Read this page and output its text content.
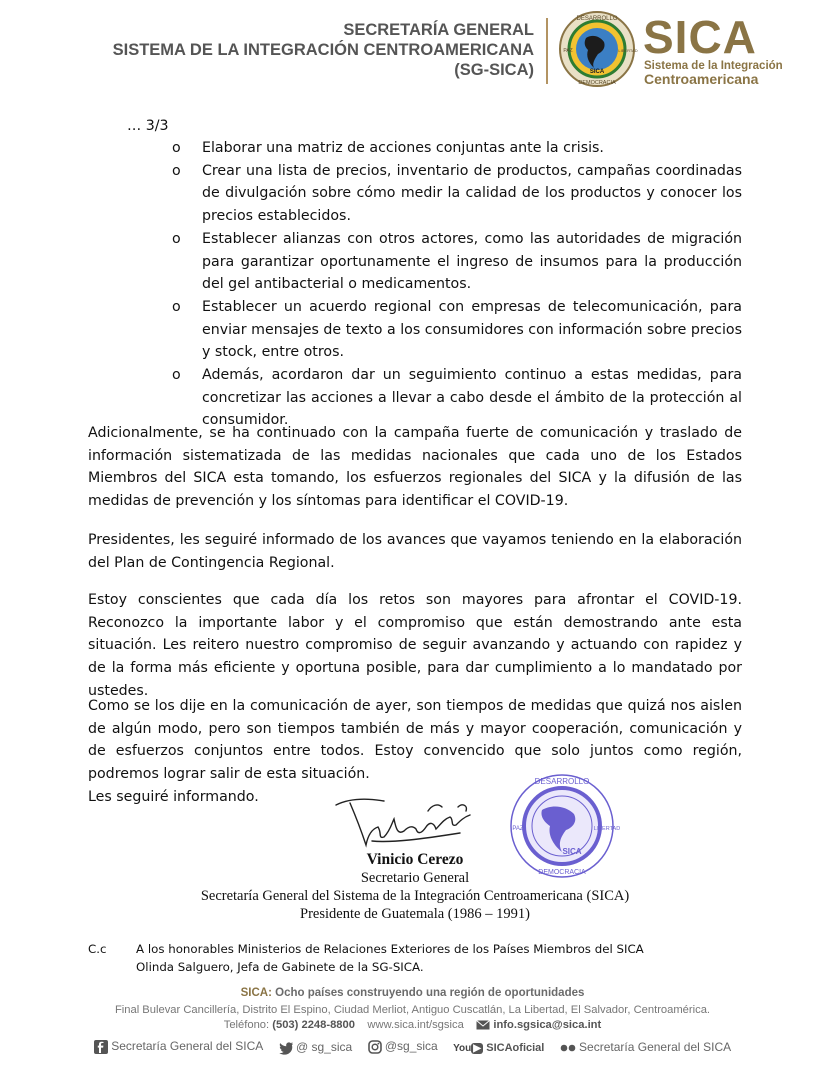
SECRETARÍA GENERAL
SISTEMA DE LA INTEGRACIÓN CENTROAMERICANA
(SG-SICA)
DESARROLLO
DEMOCRACIA
PAZ	LIBERTAD
SICA
SICA
Sistema de la Integración
Centroamericana
… 3/3
o Elaborar una matriz de acciones conjuntas ante la crisis.
o Crear una lista de precios, inventario de productos, campañas coordinadas de divulgación sobre cómo medir la calidad de los productos y conocer los precios establecidos.
o Establecer alianzas con otros actores, como las autoridades de migración para garantizar oportunamente el ingreso de insumos para la producción del gel antibacterial o medicamentos.
o Establecer un acuerdo regional con empresas de telecomunicación, para enviar mensajes de texto a los consumidores con información sobre precios y stock, entre otros.
o Además, acordaron dar un seguimiento continuo a estas medidas, para concretizar las acciones a llevar a cabo desde el ámbito de la protección al consumidor.

Adicionalmente, se ha continuado con la campaña fuerte de comunicación y traslado de información sistematizada de las medidas nacionales que cada uno de los Estados Miembros del SICA esta tomando, los esfuerzos regionales del SICA y la difusión de las medidas de prevención y los síntomas para identificar el COVID-19.

Presidentes, les seguiré informado de los avances que vayamos teniendo en la elaboración del Plan de Contingencia Regional.

Estoy conscientes que cada día los retos son mayores para afrontar el COVID-19. Reconozco la importante labor y el compromiso que están demostrando ante esta situación. Les reitero nuestro compromiso de seguir avanzando y actuando con rapidez y de la forma más eficiente y oportuna posible, para dar cumplimiento a lo mandatado por ustedes.

Como se los dije en la comunicación de ayer, son tiempos de medidas que quizá nos aislen de algún modo, pero son tiempos también de más y mayor cooperación, comunicación y de esfuerzos conjuntos entre todos. Estoy convencido que solo juntos como región, podremos lograr salir de esta situación.

Les seguiré informando.
DESARROLLO
DEMOCRACIA
PAZ	LIBERTAD
SICA
Vinicio Cerezo
Secretario General
Secretaría General del Sistema de la Integración Centroamericana (SICA)
Presidente de Guatemala (1986 – 1991)
C.c	A los honorables Ministerios de Relaciones Exteriores de los Países Miembros del SICA
Olinda Salguero, Jefa de Gabinete de la SG-SICA.
SICA: Ocho países construyendo una región de oportunidades
Final Bulevar Cancillería, Distrito El Espino, Ciudad Merliot, Antiguo Cuscatlán, La Libertad, El Salvador, Centroamérica.
Teléfono: (503) 2248-8800 www.sica.int/sgsica	info.sgsica@sica.int
Secretaría General del SICA	@ sg_sica	@sg_sica You ▶ SICAoficial	Secretaría General del SICA
